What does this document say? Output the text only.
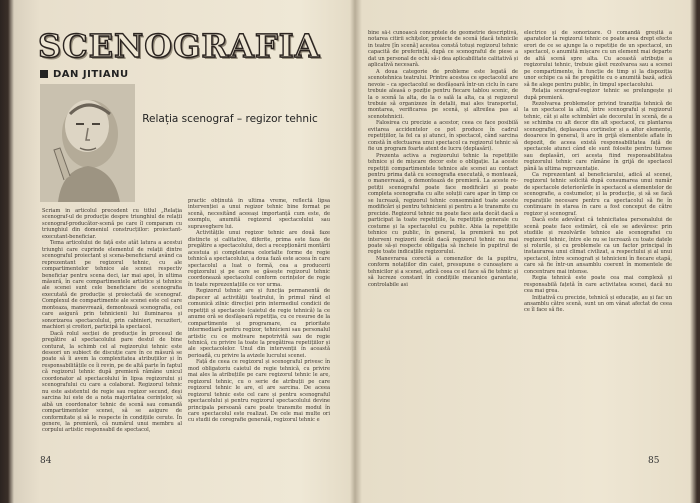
SCENOGRAFIA
DAN JITIANU
Relația scenograf – regizor tehnic

Scriam în articolul precedent cu titlul „Relația scenograf-ul de producție despre triunghiul de relații scenograf-producător-scenă pe care îl comparam cu triunghiul din domeniul construcțiilor: proiectant-executant-beneficiar.

Tema articolului de față este atât latura a acestui triunghi care cuprinde elementul de relații dintre scenograful proiectant și scena-beneficiarul având ca reprezentant pe regizorul tehnic, cu ale compartimentelor tehnice ale scenei respectiv beneficiar pentru scena deci, iar mai apoi, în ultima măsură, în care compartimentele artistice și tehnice ale scenei sunt cele beneficiare de scenografia executată de producție și proiectată de scenograf. Complexul de compartimente ale scenei este cel care monteaza, manevrează, demontează scenografia, cel care asigură prin tehnicienii lui iluminarea și sonorizarea spectacolului, prin cabinieri, recuziteri, machiori și croitori, participă la spectacol.

Dacă rolul secției de producție în procesul de pregătire al spectacolului pare destul de bine conturat, la schimb cel al regizorului tehnic este deseori un subiect de discuție care în ce măsură se poate să îi avem la complexitatea atribuțiilor și în responsabilitățile ce îi revin, pe de altă parte în faptul că regizorul tehnic după premieră rămâne unicul coordonator al spectacolului în lipsa regizorului și scenografului cu care a colaborat. Regizorul tehnic nu este asistentul de regie sau regizor secund, deși sarcina lui este de a nota majoritatea cerințelor, să aibă un coordonator tehnic de scenă sau comandă compartimentelor scenei, să se asigure de conformitate și să le respecte în condițiile cerute. În genere, la premieră, că numărul unui membru al corpului artistic responsabil de spectacol,

practic obținută în ultima vreme, reflectă lipsa intervenției a unui regizor tehnic bine format pe scenă, necesitând aceeași importanță cum este, de exemplu, anumită regizorul spectacolului sau supraveghere lui.

Activitățile unui regizor tehnic are două faze distincte și calitative, diferite, prima este faza de pregătire a spectacolului, deci a recepționării montării acestuia și completarea celorlalte forme de regie tehnică a spectacolului, a doua fază este aceea în care spectacolul a luat o formă, cea a producerii regizorului și pe care se găsește regizorul tehnic coordonează spectacolul conform cerințelor de regie în toate reprezentațiile ce vor urma.

Regizorul tehnic are și funcția permanentă de dispecer al activității teatrului, în primul rând el comunică zilnic direcției prin intermediul condicii de repetiții și spectacole (caietul de regie tehnică) la ce anume oră se desfășoară repetiția, cu ce resurse de la compartimente și programare, cu prioritate intermediară pentru regizor, tehnicieni sau personalul artistic cu ce motivare nepotrivită sau de regie tehnică, cu privire la toate la pregătirea repetițiilor și ale spectacolelor. Unul din intervenții în această perioadă, cu privire la avizele lucrului scenei.

Față de ceea ce regizorul și scenograful privesc în mod obligatoriu caietul de regie tehnică, cu privire mai ales la atribuțiile pe care regizorul tehnic le are, regizorul tehnic, cu o serie de atribuții pe care regizorul tehnic le are, el are sarcina. De aceea regizorul tehnic este cel care și pentru scenograful spectacolului și pentru regizorul spectacolului devine principala persoană care poate transmite modul în care spectacolul este realizat. De cele mai multe ori cu studii de coregrafie generală, regizorul tehnic e

bine să-i cunoască conceptele de geometrie descriptivă, notarea citirii schițelor, proiecte de scenă (dacă tehnicile in teatre [în scenă] acestea constă totuși regizorul tehnic capacită de preferință, după ce scenograful de piese a dat un personal de ochi să-i dea aplicabilitate calitativă și aplicativă necesară.

A doua categorie de probleme este legată de scenotehnica teatrului. Printre acestea ce spectacolul are nevoie – ca spectacolul se desfășoară într-un ciclu în care trebuie aleasă o poziție pentru fiecare tablou scenic, de la o scenă la alta, de la o sală la alta, ca și regizorul trebuie să organizeze în detalii, mai ales transportul, montarea, verificarea pe scenă, și altreilea pas al scenotehnicii.

Falosirea cu precizie a acestor, ceea ce face posibilă evitarea accidentelor ce pot produce în cadrul repetițiilor, la fel ca și atunci, în spectacol, când sarcina constă în efectuarea unui spectacol ca regizorul tehnic să fie un program foarte atent de lucru (deplasări).

Prezenta activa a regizorului tehnic la repetițiile tehnice și de mișcare decor este o obligație. La aceste repetiții compartimentele tehnice ale scenei au contact pentru prima dată cu scenografia executată, o montează, o manevrează, o demontează de premieră. La aceste repetiții scenograful poate face modificări și poate completa scenografia cu alte soluții care apar în timp ce se lucrează, regizorul tehnic consemnând toate aceste modificări și pentru tehnicieni și pentru a le transmite cu precizie. Regizorul tehnic nu poate face asta decât dacă a participat la toate repetițiile, la repetițiile generale cu costume și la spectacolul cu public. Abia la repetițiile tehnice cu public, în general, la premieră nu pot interveni regizorii decât dacă regizorul tehnic nu mai poate să-și respecte obligația să încheie în pupitrul de regie toate indicațiile regizorului.

Manevrarea corectă a comenzilor de la pupitru, conform notațiilor din caiet, presupune o cunoaștere a tehnicilor și a scenei, adică ceea ce el face să fie tehnic și să lucreze constant în condițiile mecanice garantate, controlabile asi

electrice și de sonorizare. O comandă greșită a aparatelor la regizorul tehnic ce poate avea drept efecte erori de ce se ajunge la o repetiție de un spectacol, un spectacol, o anumită mișcare cu un element mai departe de altă scenă spre alta. Cu această atribuție a regizorului tehnic, trebuie găsit rezolvarea sau a scenei pe compartimente, în funcție de timp și la dispoziția unor echipe ca să fie pregătite cu o anumită bază, adică să fie alege pentru public, în timpul spectacolului.

Relația scenograf-regizor tehnic se prelungește și după premieră.

Rezolvarea problemelor privind tranziția tehnică de la un spectacol la altul, între scenograful și regizorul tehnic, cât și alte schimbări ale decorului în scenă, de a se schimba cu alt decor din alt spectacol, cu plantarea scenografiei, deplasarea cortinelor și a altor elemente, deoarece în general, îi are în grijă elementele aflate în depozit, de aceea există responsabilitatea față de spectacole atunci când ele sunt folosite pentru turnee sau deplasări, ori acesta fiind responsabilitatea regizorului tehnic care rămâne în grijă de spectacol până la ultima reprezentație.

Ca reprezentant al beneficiarului, adică al scenei, regizorul tehnic solicită după consumarea unui număr de spectacole deteriorările în spectacol a elementelor de scenografie, a costumelor, și la producție, și să se facă reparațiile necesare pentru ca spectacolul să fie în continuare în starea în care a fost conceput de către regizor și scenograf.

Dacă este adevărat că tehnicitatea personalului de scenă poate face estimări, că ele se adevăresc prin studiile și rezolvările tehnice ale scenografiei cu regizorul tehnic, între ele nu se lucrează cu toate datele și rolurile, și cu problemele ca un factor principal în instaurarea unui climat civilizat, a respectului și al unui spectacol, între scenografi și tehnicieni în fiecare etapă, care să fie într-un ansamblu coerent în momentele de concentrare mai intense.

Regia tehnică este poate cea mai complexă și responsabilă fațetă în care activitatea scenei, dacă nu cea mai grea.

Inițiativă cu precizie, tehnică și educație, au și fac un ansamblu către scenă, sunt un om vânat afectat de ceea ce îl face să fie.

84	85
